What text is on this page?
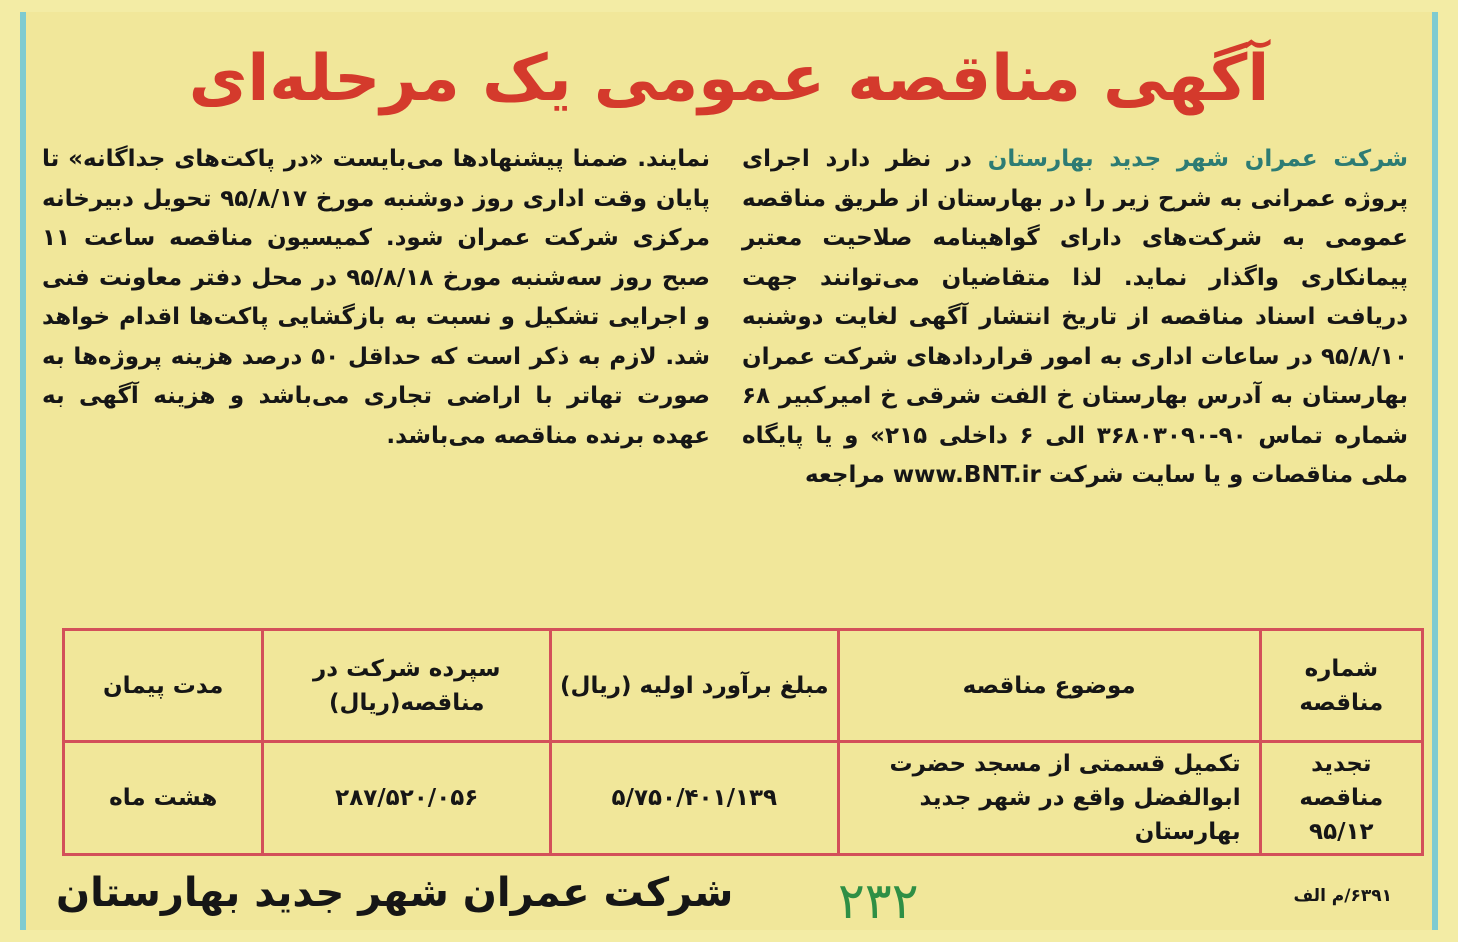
آگهی مناقصه عمومی یک مرحله‌ای
شرکت عمران شهر جدید بهارستان در نظر دارد اجرای پروژه عمرانی به شرح زیر را در بهارستان از طریق مناقصه عمومی به شرکت‌های دارای گواهینامه صلاحیت معتبر پیمانکاری واگذار نماید. لذا متقاضیان می‌توانند جهت دریافت اسناد مناقصه از تاریخ انتشار آگهی لغایت دوشنبه ۹۵/۸/۱۰ در ساعات اداری به امور قراردادهای شرکت عمران بهارستان به آدرس بهارستان خ الفت شرقی خ امیرکبیر ۶۸ شماره تماس ۹۰-۳۶۸۰۳۰۹۰ الی ۶ داخلی ۲۱۵» و یا پایگاه ملی مناقصات و یا سایت شرکت www.BNT.ir مراجعه
نمایند. ضمنا پیشنهادها می‌بایست «در پاکت‌های جداگانه» تا پایان وقت اداری روز دوشنبه مورخ ۹۵/۸/۱۷ تحویل دبیرخانه مرکزی شرکت عمران شود. کمیسیون مناقصه ساعت ۱۱ صبح روز سه‌شنبه مورخ ۹۵/۸/۱۸ در محل دفتر معاونت فنی و اجرایی تشکیل و نسبت به بازگشایی پاکت‌ها اقدام خواهد شد. لازم به ذکر است که حداقل ۵۰ درصد هزینه پروژه‌ها به صورت تهاتر با اراضی تجاری می‌باشد و هزینه آگهی به عهده برنده مناقصه می‌باشد.
شماره مناقصه	موضوع مناقصه	مبلغ برآورد اولیه (ریال)	سپرده شرکت در مناقصه(ریال)	مدت پیمان
تجدید مناقصه ۹۵/۱۲	تکمیل قسمتی از مسجد حضرت ابوالفضل واقع در شهر جدید بهارستان	۵/۷۵۰/۴۰۱/۱۳۹	۲۸۷/۵۲۰/۰۵۶	هشت ماه
شرکت عمران شهر جدید بهارستان ۲۳۲	۶۳۹۱/م الف
